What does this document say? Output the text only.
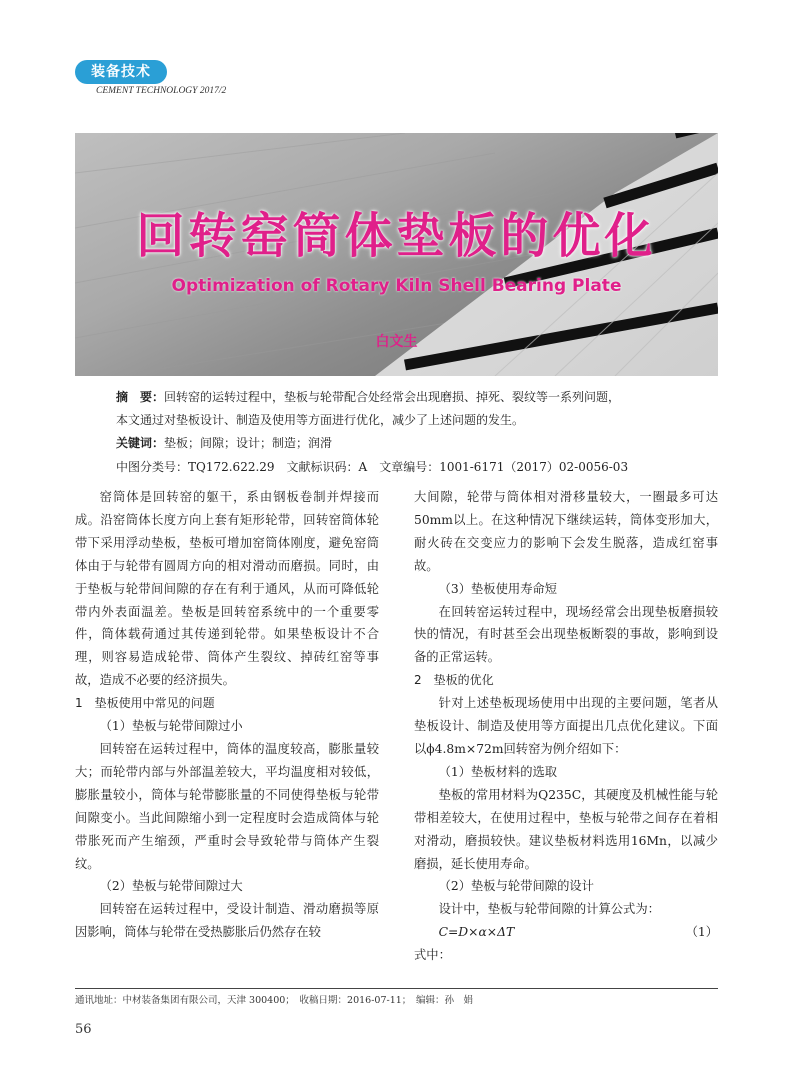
装备技术
CEMENT TECHNOLOGY 2017/2
回转窑筒体垫板的优化
Optimization of Rotary Kiln Shell Bearing Plate
白文生
摘　要：回转窑的运转过程中，垫板与轮带配合处经常会出现磨损、掉死、裂纹等一系列问题，
本文通过对垫板设计、制造及使用等方面进行优化，减少了上述问题的发生。
关键词：垫板；间隙；设计；制造；润滑
中图分类号：TQ172.622.29　文献标识码：A　文章编号：1001-6171（2017）02-0056-03

窑筒体是回转窑的躯干，系由钢板卷制并焊接而成。沿窑筒体长度方向上套有矩形轮带，回转窑筒体轮带下采用浮动垫板，垫板可增加窑筒体刚度，避免窑筒体由于与轮带有圆周方向的相对滑动而磨损。同时，由于垫板与轮带间间隙的存在有利于通风，从而可降低轮带内外表面温差。垫板是回转窑系统中的一个重要零件，筒体载荷通过其传递到轮带。如果垫板设计不合理，则容易造成轮带、筒体产生裂纹、掉砖红窑等事故，造成不必要的经济损失。

1　垫板使用中常见的问题

（1）垫板与轮带间隙过小

回转窑在运转过程中，筒体的温度较高，膨胀量较大；而轮带内部与外部温差较大，平均温度相对较低，膨胀量较小，筒体与轮带膨胀量的不同使得垫板与轮带间隙变小。当此间隙缩小到一定程度时会造成筒体与轮带胀死而产生缩颈，严重时会导致轮带与筒体产生裂纹。

（2）垫板与轮带间隙过大

回转窑在运转过程中，受设计制造、滑动磨损等原因影响，筒体与轮带在受热膨胀后仍然存在较

大间隙，轮带与筒体相对滑移量较大，一圈最多可达50mm以上。在这种情况下继续运转，筒体变形加大，耐火砖在交变应力的影响下会发生脱落，造成红窑事故。

（3）垫板使用寿命短

在回转窑运转过程中，现场经常会出现垫板磨损较快的情况，有时甚至会出现垫板断裂的事故，影响到设备的正常运转。

2　垫板的优化

针对上述垫板现场使用中出现的主要问题，笔者从垫板设计、制造及使用等方面提出几点优化建议。下面以ϕ4.8m×72m回转窑为例介绍如下：

（1）垫板材料的选取

垫板的常用材料为Q235C，其硬度及机械性能与轮带相差较大，在使用过程中，垫板与轮带之间存在着相对滑动，磨损较快。建议垫板材料选用16Mn，以减少磨损，延长使用寿命。

（2）垫板与轮带间隙的设计

设计中，垫板与轮带间隙的计算公式为：

C=D×α×ΔT	（1）

式中：

通讯地址：中材装备集团有限公司，天津 300400；　收稿日期：2016-07-11；　编辑：孙　娟
56
